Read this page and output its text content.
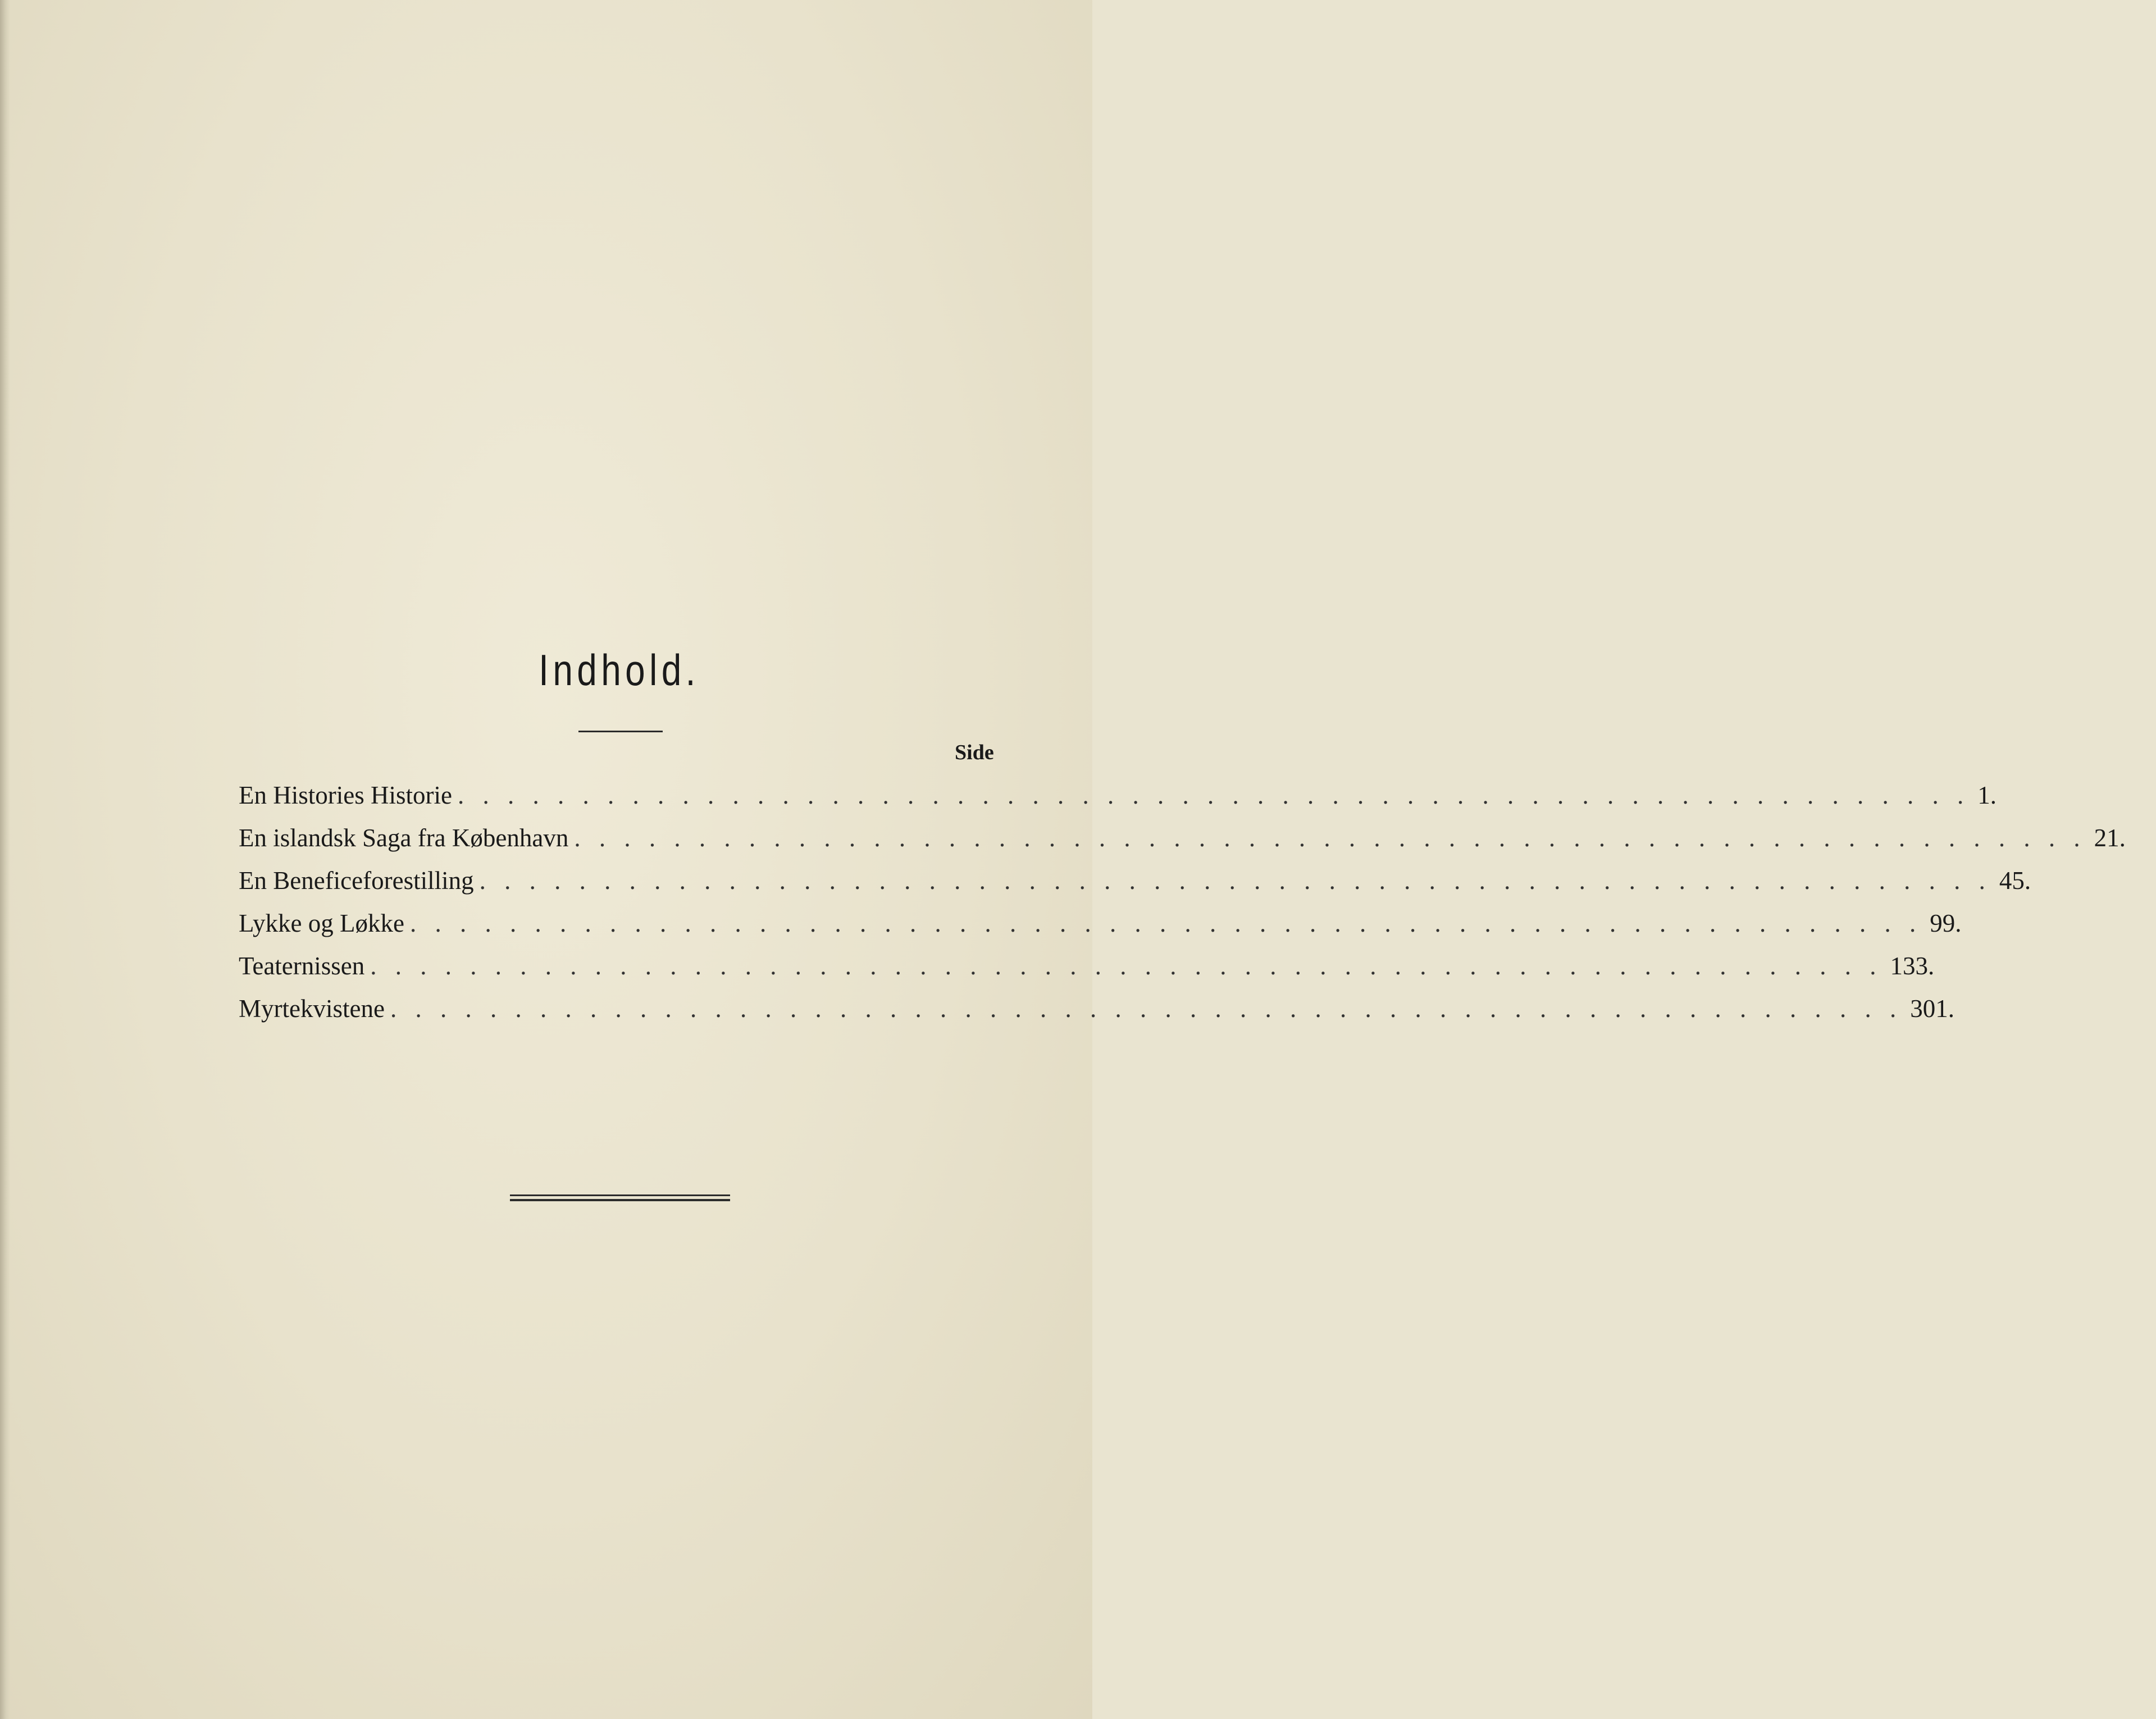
Indhold.
Side
En Histories Historie . . . . . . . . . . . . . . . . . . . . . . . . . . . . . . . . . . . . . . . . . . . . . . . . . . . . . . . . . . . . . 1.
En islandsk Saga fra København . . . . . . . . . . . . . . . . . . . . . . . . . . . . . . . . . . . . . . . . . . . . . . . . . . . . . . . . . . . . . 21.
En Beneficeforestilling . . . . . . . . . . . . . . . . . . . . . . . . . . . . . . . . . . . . . . . . . . . . . . . . . . . . . . . . . . . . . 45.
Lykke og Løkke . . . . . . . . . . . . . . . . . . . . . . . . . . . . . . . . . . . . . . . . . . . . . . . . . . . . . . . . . . . . . 99.
Teaternissen . . . . . . . . . . . . . . . . . . . . . . . . . . . . . . . . . . . . . . . . . . . . . . . . . . . . . . . . . . . . . 133.
Myrtekvistene . . . . . . . . . . . . . . . . . . . . . . . . . . . . . . . . . . . . . . . . . . . . . . . . . . . . . . . . . . . . . 301.
